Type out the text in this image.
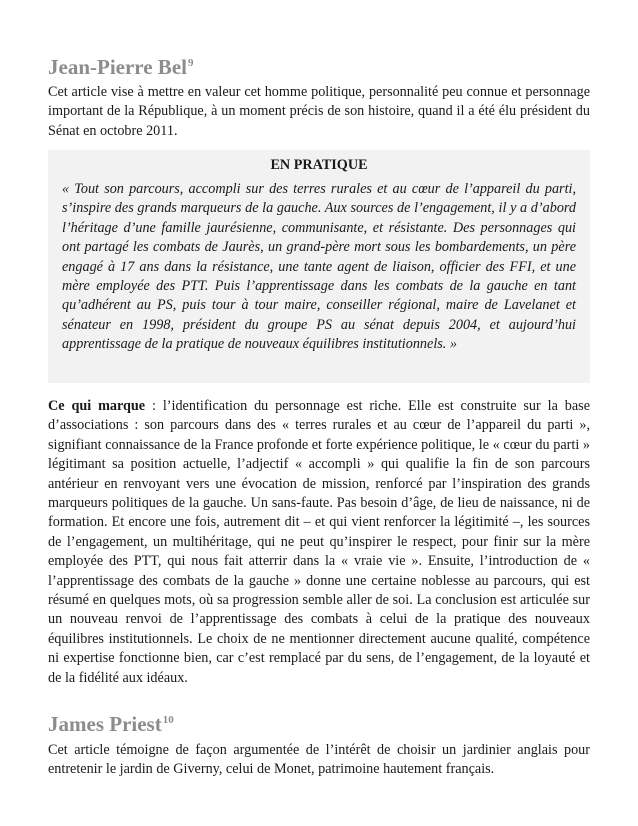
Jean-Pierre Bel$^9$
Cet article vise à mettre en valeur cet homme politique, personnalité peu connue et personnage important de la République, à un moment précis de son histoire, quand il a été élu président du Sénat en octobre 2011.
EN PRATIQUE
« Tout son parcours, accompli sur des terres rurales et au cœur de l’appareil du parti, s’inspire des grands marqueurs de la gauche. Aux sources de l’engagement, il y a d’abord l’héritage d’une famille jaurésienne, communisante, et résistante. Des personnages qui ont partagé les combats de Jaurès, un grand-père mort sous les bombardements, un père engagé à 17 ans dans la résistance, une tante agent de liaison, officier des FFI, et une mère employée des PTT. Puis l’apprentissage dans les combats de la gauche en tant qu’adhérent au PS, puis tour à tour maire, conseiller régional, maire de Lavelanet et sénateur en 1998, président du groupe PS au sénat depuis 2004, et aujourd’hui apprentissage de la pratique de nouveaux équilibres institutionnels. »
Ce qui marque : l’identification du personnage est riche. Elle est construite sur la base d’associations : son parcours dans des « terres rurales et au cœur de l’appareil du parti », signifiant connaissance de la France profonde et forte expérience politique, le « cœur du parti » légitimant sa position actuelle, l’adjectif « accompli » qui qualifie la fin de son parcours antérieur en renvoyant vers une évocation de mission, renforcé par l’inspiration des grands marqueurs politiques de la gauche. Un sans-faute. Pas besoin d’âge, de lieu de naissance, ni de formation. Et encore une fois, autrement dit – et qui vient renforcer la légitimité –, les sources de l’engagement, un multihéritage, qui ne peut qu’inspirer le respect, pour finir sur la mère employée des PTT, qui nous fait atterrir dans la « vraie vie ». Ensuite, l’introduction de « l’apprentissage des combats de la gauche » donne une certaine noblesse au parcours, qui est résumé en quelques mots, où sa progression semble aller de soi. La conclusion est articulée sur un nouveau renvoi de l’apprentissage des combats à celui de la pratique des nouveaux équilibres institutionnels. Le choix de ne mentionner directement aucune qualité, compétence ni expertise fonctionne bien, car c’est remplacé par du sens, de l’engagement, de la loyauté et de la fidélité aux idéaux.
James Priest$^{10}$
Cet article témoigne de façon argumentée de l’intérêt de choisir un jardinier anglais pour entretenir le jardin de Giverny, celui de Monet, patrimoine hautement français.
